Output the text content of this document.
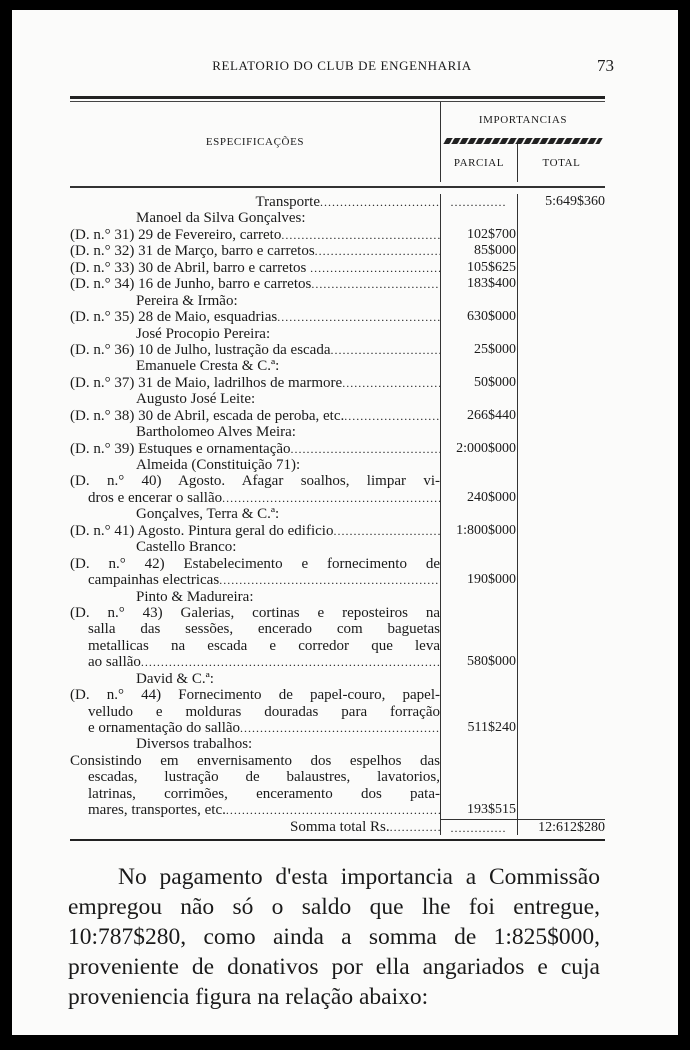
RELATORIO DO CLUB DE ENGENHARIA	73
ESPECIFICAÇÕES
IMPORTANCIAS
PARCIAL	TOTAL
Transporte .....	..............	5:649$360
Manoel da Silva Gonçalves:
(D. n.° 31) 29 de Fevereiro, carreto .....	102$700
(D. n.° 32) 31 de Março, barro e carretos .....	85$000
(D. n.° 33) 30 de Abril, barro e carretos .....	105$625
(D. n.° 34) 16 de Junho, barro e carretos .....	183$400
Pereira & Irmão:
(D. n.° 35) 28 de Maio, esquadrias .....	630$000
José Procopio Pereira:
(D. n.° 36) 10 de Julho, lustração da escada .....	25$000
Emanuele Cresta & C.ª:
(D. n.° 37) 31 de Maio, ladrilhos de marmore .....	50$000
Augusto José Leite:
(D. n.° 38) 30 de Abril, escada de peroba, etc. .....	266$440
Bartholomeo Alves Meira:
(D. n.° 39) Estuques e ornamentação .....	2:000$000
Almeida (Constituição 71):
(D. n.° 40) Agosto. Afagar soalhos, limpar vi-
dros e encerar o sallão .....	240$000
Gonçalves, Terra & C.ª:
(D. n.° 41) Agosto. Pintura geral do edificio .....	1:800$000
Castello Branco:
(D. n.° 42) Estabelecimento e fornecimento de
campainhas electricas .....	190$000
Pinto & Madureira:
(D. n.° 43) Galerias, cortinas e reposteiros na
salla das sessões, encerado com baguetas
metallicas na escada e corredor que leva
ao sallão .....	580$000
David & C.ª:
(D. n.° 44) Fornecimento de papel-couro, papel-
velludo e molduras douradas para forração
e ornamentação do sallão .....	511$240
Diversos trabalhos:
Consistindo em envernisamento dos espelhos das
escadas, lustração de balaustres, lavatorios,
latrinas, corrimões, enceramento dos pata-
mares, transportes, etc. .....	193$515
Somma total Rs. .....	..............	12:612$280
No pagamento d'esta importancia a Commissão empregou não só o saldo que lhe foi entregue, 10:787$280, como ainda a somma de 1:825$000, proveniente de donativos por ella angariados e cuja proveniencia figura na relação abaixo:
